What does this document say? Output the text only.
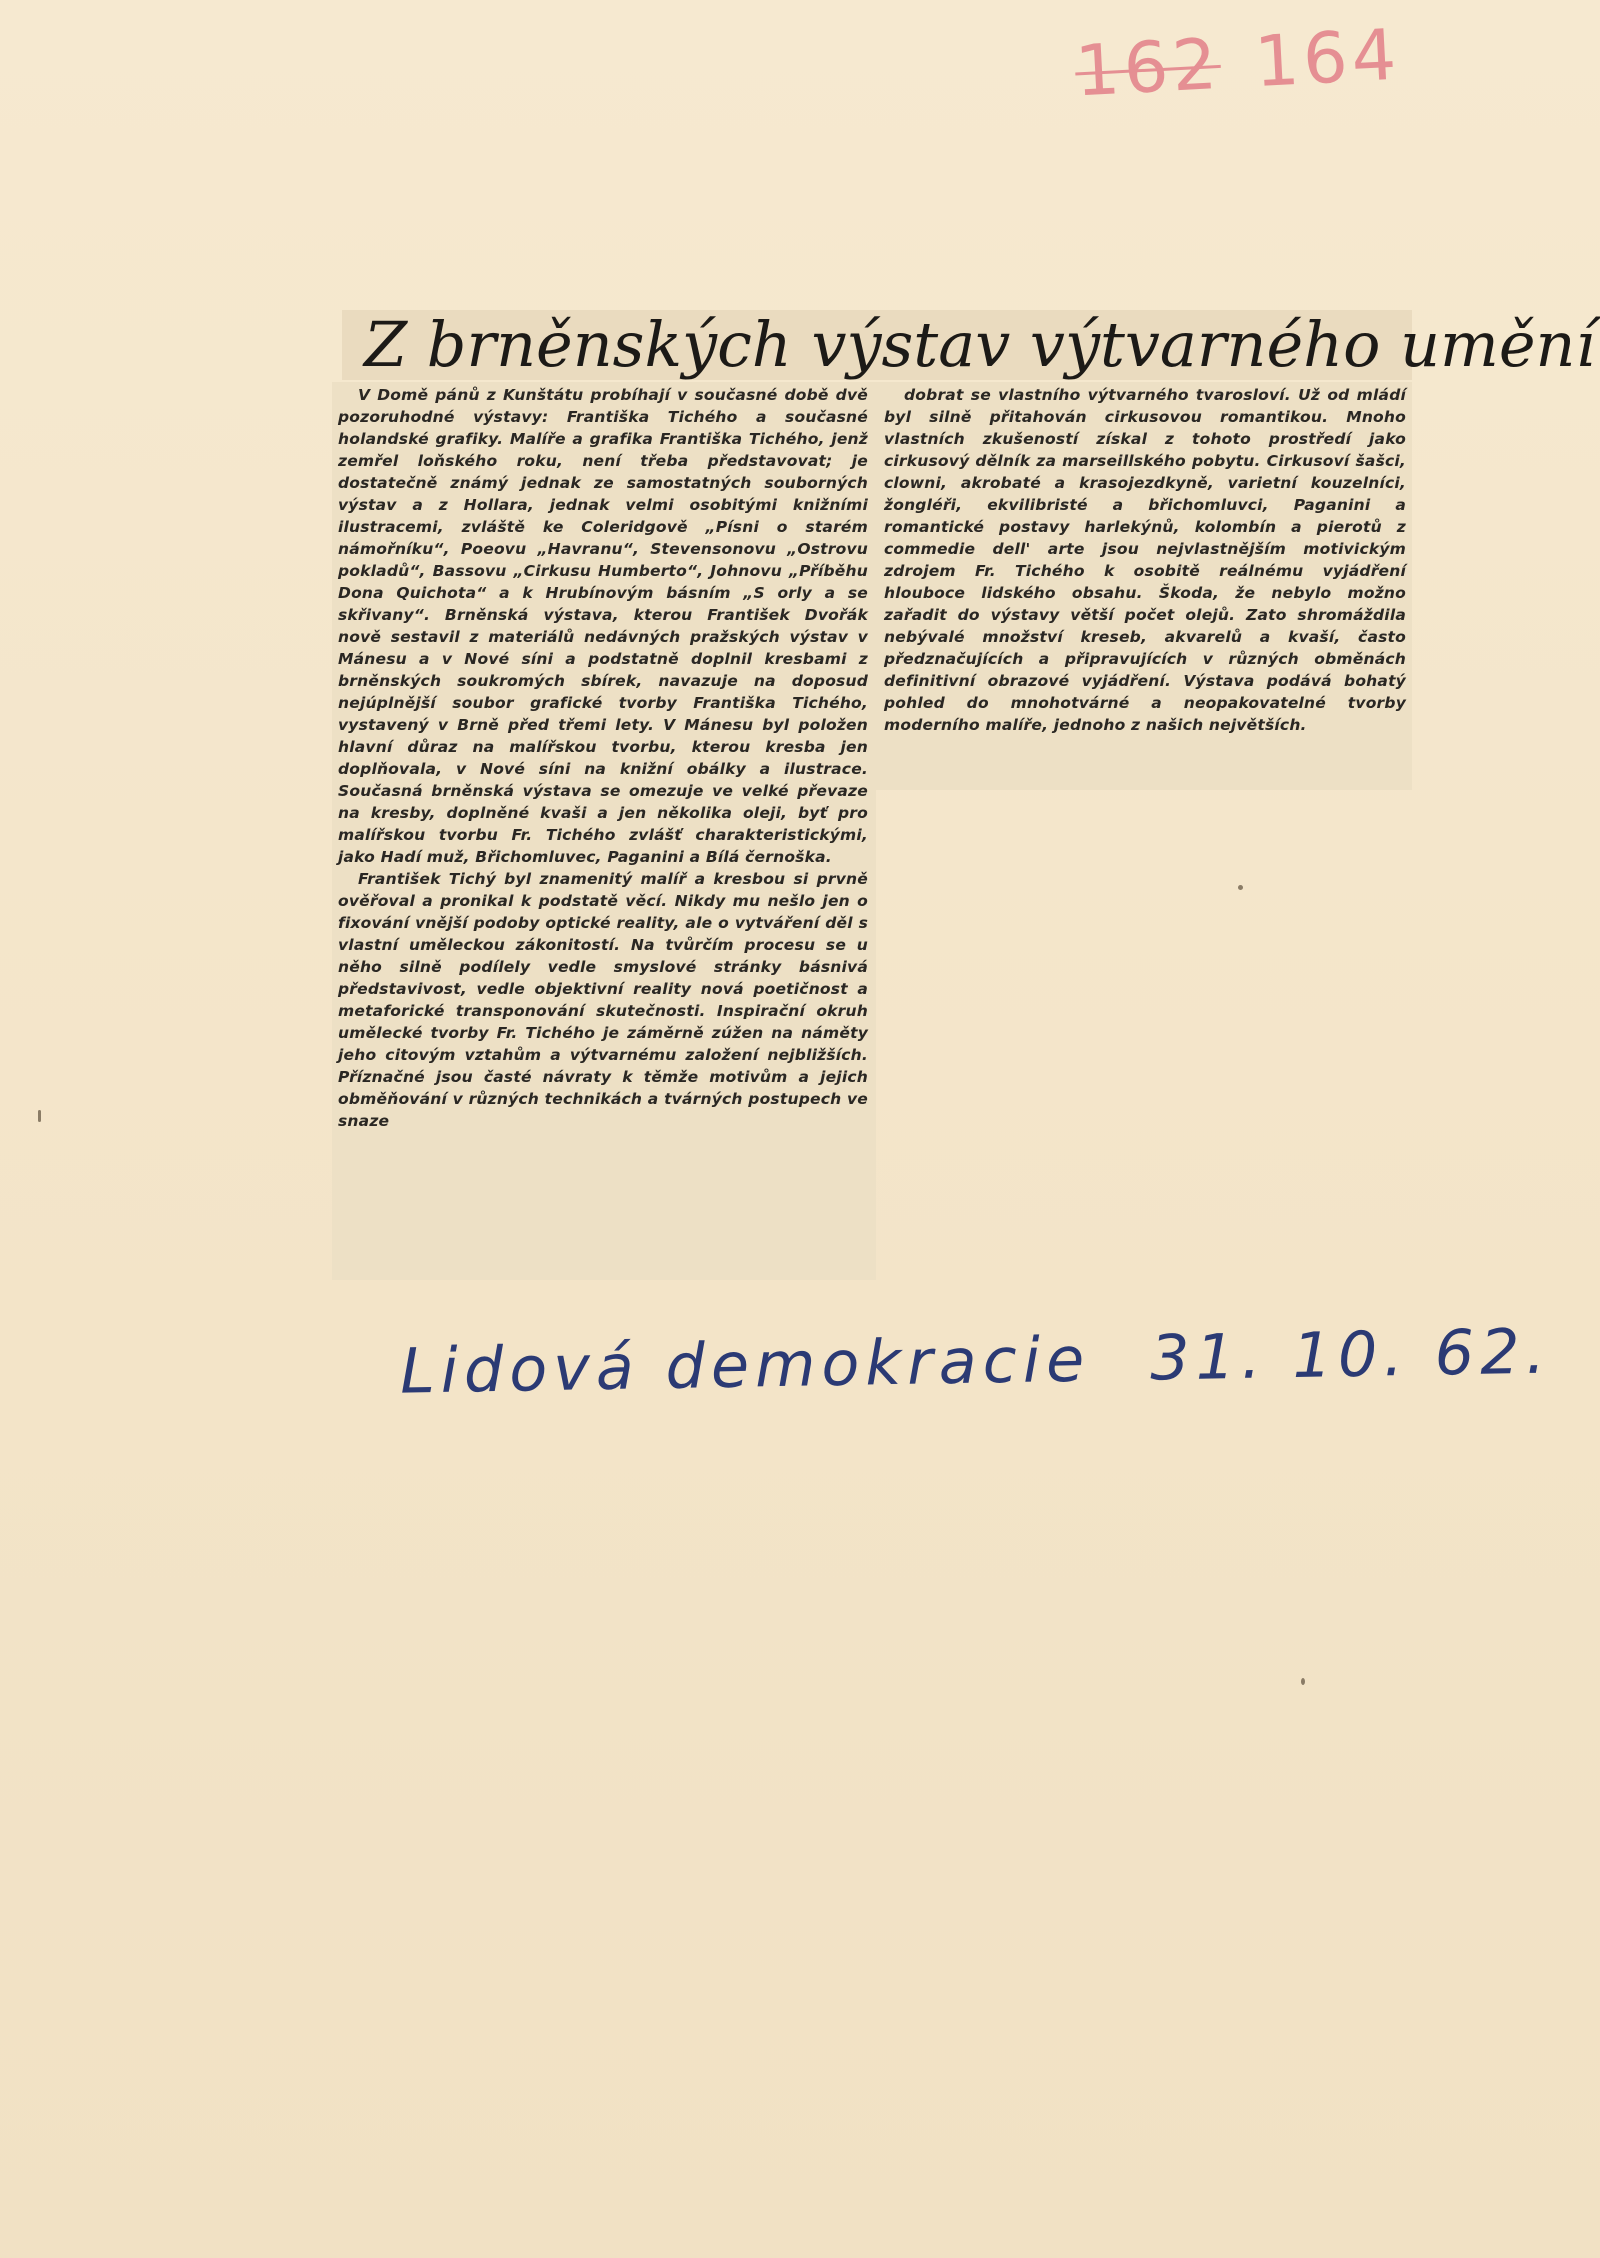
162 164
Z brněnských výstav výtvarného umění

V Domě pánů z Kunštátu probíhají v současné době dvě pozoruhodné výstavy: Františka Tichého a současné holandské grafiky. Malíře a grafika Františka Tichého, jenž zemřel loňského roku, není třeba představovat; je dostatečně známý jednak ze samostatných souborných výstav a z Hollara, jednak velmi osobitými knižními ilustracemi, zvláště ke Coleridgově „Písni o starém námořníku“, Poeovu „Havranu“, Stevensonovu „Ostrovu pokladů“, Bassovu „Cirkusu Humberto“, Johnovu „Příběhu Dona Quichota“ a k Hrubínovým básním „S orly a se skřivany“. Brněnská výstava, kterou František Dvořák nově sestavil z materiálů nedávných pražských výstav v Mánesu a v Nové síni a podstatně doplnil kresbami z brněnských soukromých sbírek, navazuje na doposud nejúplnější soubor grafické tvorby Františka Tichého, vystavený v Brně před třemi lety. V Mánesu byl položen hlavní důraz na malířskou tvorbu, kterou kresba jen doplňovala, v Nové síni na knižní obálky a ilustrace. Současná brněnská výstava se omezuje ve velké převaze na kresby, doplněné kvaši a jen několika oleji, byť pro malířskou tvorbu Fr. Tichého zvlášť charakteristickými, jako Hadí muž, Břichomluvec, Paganini a Bílá černoška.

František Tichý byl znamenitý malíř a kresbou si prvně ověřoval a pronikal k podstatě věcí. Nikdy mu nešlo jen o fixování vnější podoby optické reality, ale o vytváření děl s vlastní uměleckou zákonitostí. Na tvůrčím procesu se u něho silně podílely vedle smyslové stránky básnivá představivost, vedle objektivní reality nová poetičnost a metaforické transponování skutečnosti. Inspirační okruh umělecké tvorby Fr. Tichého je záměrně zúžen na náměty jeho citovým vztahům a výtvarnému založení nejbližších. Příznačné jsou časté návraty k těmže motivům a jejich obměňování v různých technikách a tvárných postupech ve snaze

dobrat se vlastního výtvarného tvarosloví. Už od mládí byl silně přitahován cirkusovou romantikou. Mnoho vlastních zkušeností získal z tohoto prostředí jako cirkusový dělník za marseillského pobytu. Cirkusoví šašci, clowni, akrobaté a krasojezdkyně, varietní kouzelníci, žongléři, ekvilibristé a břichomluvci, Paganini a romantické postavy harlekýnů, kolombín a pierotů z commedie dell' arte jsou nejvlastnějším motivickým zdrojem Fr. Tichého k osobitě reálnému vyjádření hlouboce lidského obsahu. Škoda, že nebylo možno zařadit do výstavy větší počet olejů. Zato shromáždila nebývalé množství kreseb, akvarelů a kvaší, často předznačujících a připravujících v různých obměnách definitivní obrazové vyjádření. Výstava podává bohatý pohled do mnohotvárné a neopakovatelné tvorby moderního malíře, jednoho z našich největších.

Lidová demokracie 31. 10. 62.
